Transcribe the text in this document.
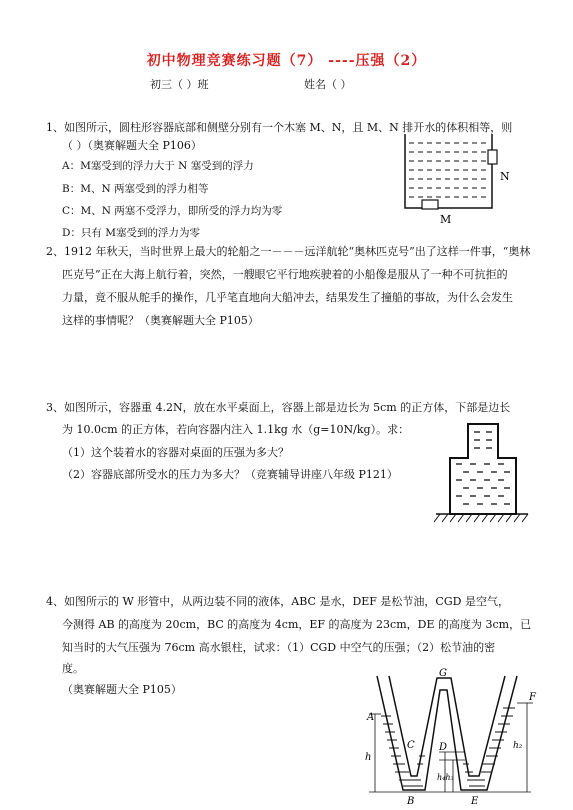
初中物理竞赛练习题（7） ----压强（2）
初三（ ）班	姓名（ ）
1、如图所示，圆柱形容器底部和侧壁分别有一个木塞 M、N，且 M、N 排开水的体积相等，则
（ ）（奥赛解题大全 P106）
A：M塞受到的浮力大于 N 塞受到的浮力
B：M、N 两塞受到的浮力相等
C：M、N 两塞不受浮力，即所受的浮力均为零
D：只有 M塞受到的浮力为零
N
M
2、1912 年秋天，当时世界上最大的轮船之一－－－远洋航轮“奥林匹克号”出了这样一件事，“奥林
匹克号”正在大海上航行着，突然，一艘眼它平行地疾驶着的小船像是服从了一种不可抗拒的
力量，竟不服从舵手的操作，几乎笔直地向大船冲去，结果发生了撞船的事故，为什么会发生
这样的事情呢？（奥赛解题大全 P105）
3、如图所示，容器重 4.2N，放在水平桌面上，容器上部是边长为 5cm 的正方体，下部是边长
为 10.0cm 的正方体，若向容器内注入 1.1kg 水（g=10N/kg）。求：
（1）这个装着水的容器对桌面的压强为多大？
（2）容器底部所受水的压力为多大？（竞赛辅导讲座八年级 P121）
4、如图所示的 W 形管中，从两边装不同的液体，ABC 是水，DEF 是松节油，CGD 是空气，
今测得 AB 的高度为 20cm，BC 的高度为 4cm，EF 的高度为 23cm，DE 的高度为 3cm，已
知当时的大气压强为 76cm 高水银柱，试求：（1）CGD 中空气的压强；（2）松节油的密
度。
（奥赛解题大全 P105）
A
B
C D
E
F
G
h
h₂
h₄h₃
